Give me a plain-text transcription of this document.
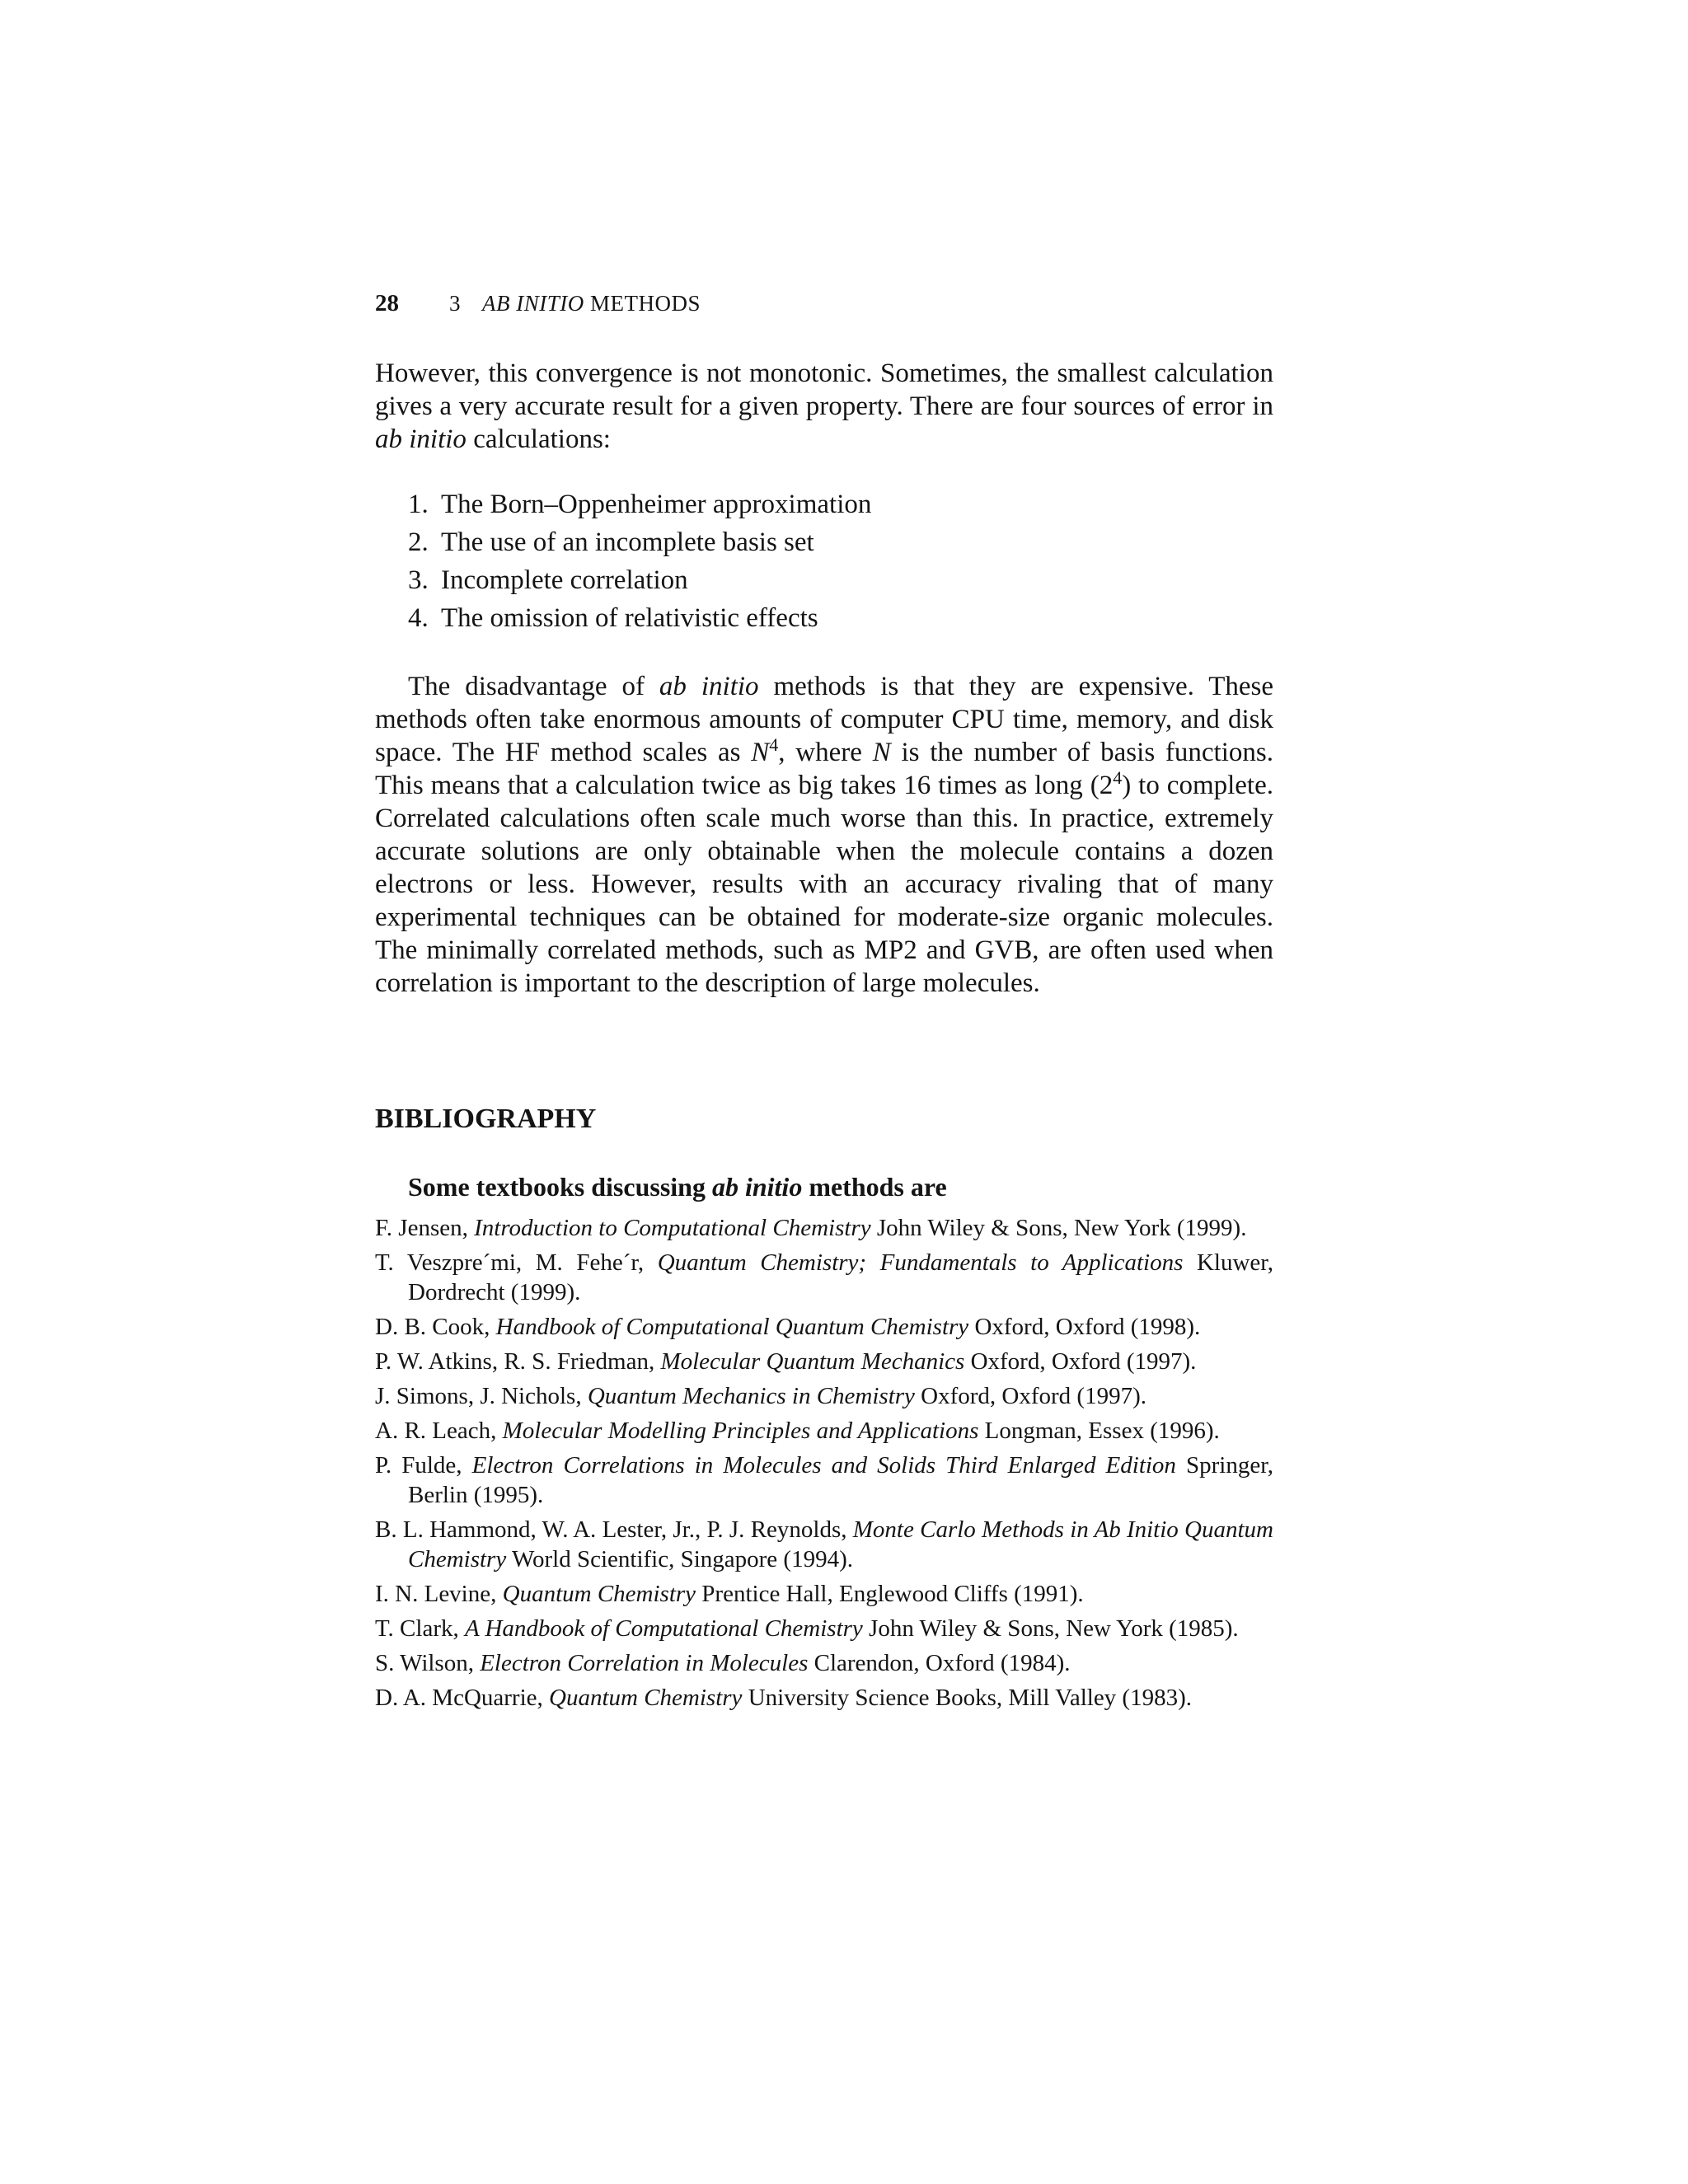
28	3 AB INITIO METHODS

However, this convergence is not monotonic. Sometimes, the smallest calculation gives a very accurate result for a given property. There are four sources of error in ab initio calculations:

1. The Born–Oppenheimer approximation
2. The use of an incomplete basis set
3. Incomplete correlation
4. The omission of relativistic effects

The disadvantage of ab initio methods is that they are expensive. These methods often take enormous amounts of computer CPU time, memory, and disk space. The HF method scales as $N^4$, where N is the number of basis functions. This means that a calculation twice as big takes 16 times as long $(2^4)$ to complete. Correlated calculations often scale much worse than this. In practice, extremely accurate solutions are only obtainable when the molecule contains a dozen electrons or less. However, results with an accuracy rivaling that of many experimental techniques can be obtained for moderate-size organic molecules. The minimally correlated methods, such as MP2 and GVB, are often used when correlation is important to the description of large molecules.

BIBLIOGRAPHY
Some textbooks discussing ab initio methods are
F. Jensen, Introduction to Computational Chemistry John Wiley & Sons, New York (1999).
T. Veszpre´mi, M. Fehe´r, Quantum Chemistry; Fundamentals to Applications Kluwer, Dordrecht (1999).
D. B. Cook, Handbook of Computational Quantum Chemistry Oxford, Oxford (1998).
P. W. Atkins, R. S. Friedman, Molecular Quantum Mechanics Oxford, Oxford (1997).
J. Simons, J. Nichols, Quantum Mechanics in Chemistry Oxford, Oxford (1997).
A. R. Leach, Molecular Modelling Principles and Applications Longman, Essex (1996).
P. Fulde, Electron Correlations in Molecules and Solids Third Enlarged Edition Springer, Berlin (1995).
B. L. Hammond, W. A. Lester, Jr., P. J. Reynolds, Monte Carlo Methods in Ab Initio Quantum Chemistry World Scientific, Singapore (1994).
I. N. Levine, Quantum Chemistry Prentice Hall, Englewood Cliffs (1991).
T. Clark, A Handbook of Computational Chemistry John Wiley & Sons, New York (1985).
S. Wilson, Electron Correlation in Molecules Clarendon, Oxford (1984).
D. A. McQuarrie, Quantum Chemistry University Science Books, Mill Valley (1983).
